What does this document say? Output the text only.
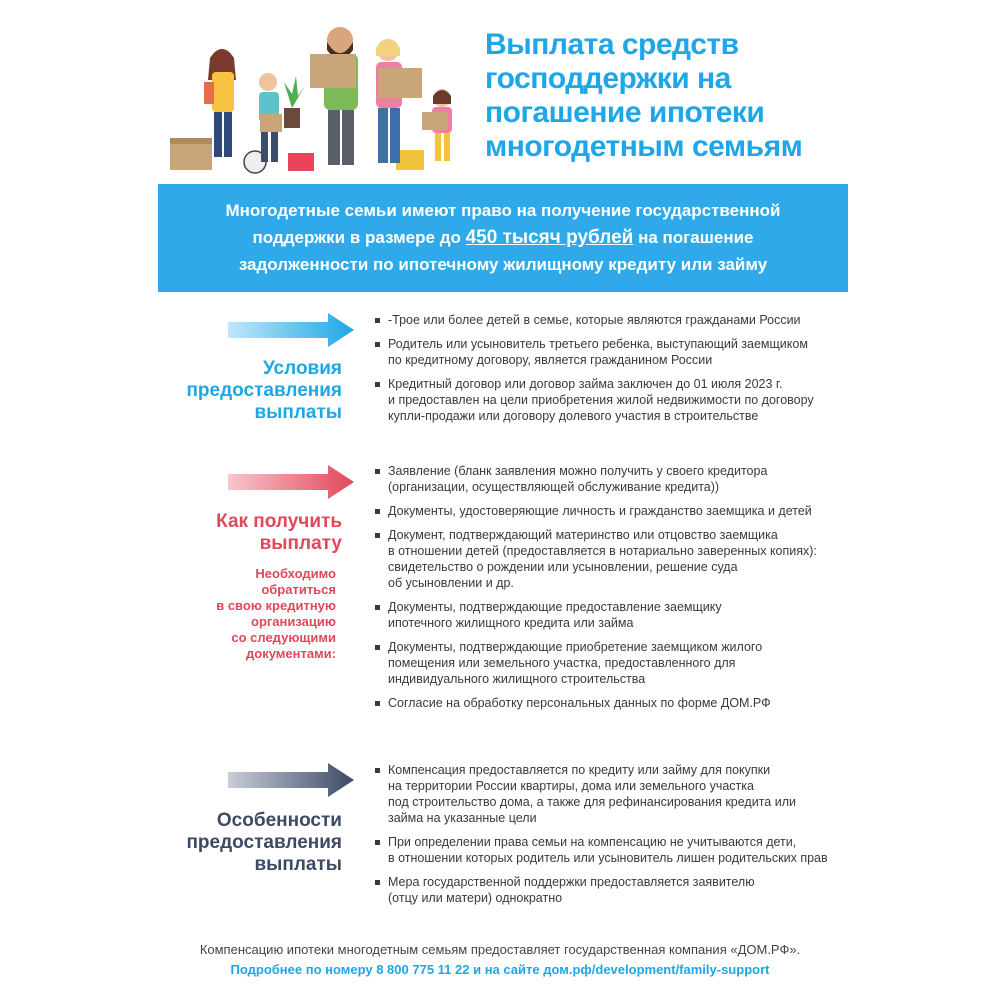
Выплата средств
господдержки на
погашение ипотеки
многодетным семьям
Многодетные семьи имеют право на получение государственной
поддержки в размере до 450 тысяч рублей на погашение
задолженности по ипотечному жилищному кредиту или займу
Условия
предоставления
выплаты
-Трое или более детей в семье, которые являются гражданами России
Родитель или усыновитель третьего ребенка, выступающий заемщиком
по кредитному договору, является гражданином России
Кредитный договор или договор займа заключен до 01 июля 2023 г.
и предоставлен на цели приобретения жилой недвижимости по договору
купли-продажи или договору долевого участия в строительстве
Как получить
выплату
Необходимо
обратиться
в свою кредитную
организацию
со следующими
документами:
Заявление (бланк заявления можно получить у своего кредитора
(организации, осуществляющей обслуживание кредита))
Документы, удостоверяющие личность и гражданство заемщика и детей
Документ, подтверждающий материнство или отцовство заемщика
в отношении детей (предоставляется в нотариально заверенных копиях):
свидетельство о рождении или усыновлении, решение суда
об усыновлении и др.
Документы, подтверждающие предоставление заемщику
ипотечного жилищного кредита или займа
Документы, подтверждающие приобретение заемщиком жилого
помещения или земельного участка, предоставленного для
индивидуального жилищного строительства
Согласие на обработку персональных данных по форме ДОМ.РФ
Особенности
предоставления
выплаты
Компенсация предоставляется по кредиту или займу для покупки
на территории России квартиры, дома или земельного участка
под строительство дома, а также для рефинансирования кредита или
займа на указанные цели
При определении права семьи на компенсацию не учитываются дети,
в отношении которых родитель или усыновитель лишен родительских прав
Мера государственной поддержки предоставляется заявителю
(отцу или матери) однократно
Компенсацию ипотеки многодетным семьям предоставляет государственная компания «ДОМ.РФ».
Подробнее по номеру 8 800 775 11 22 и на сайте дом.рф/development/family-support
